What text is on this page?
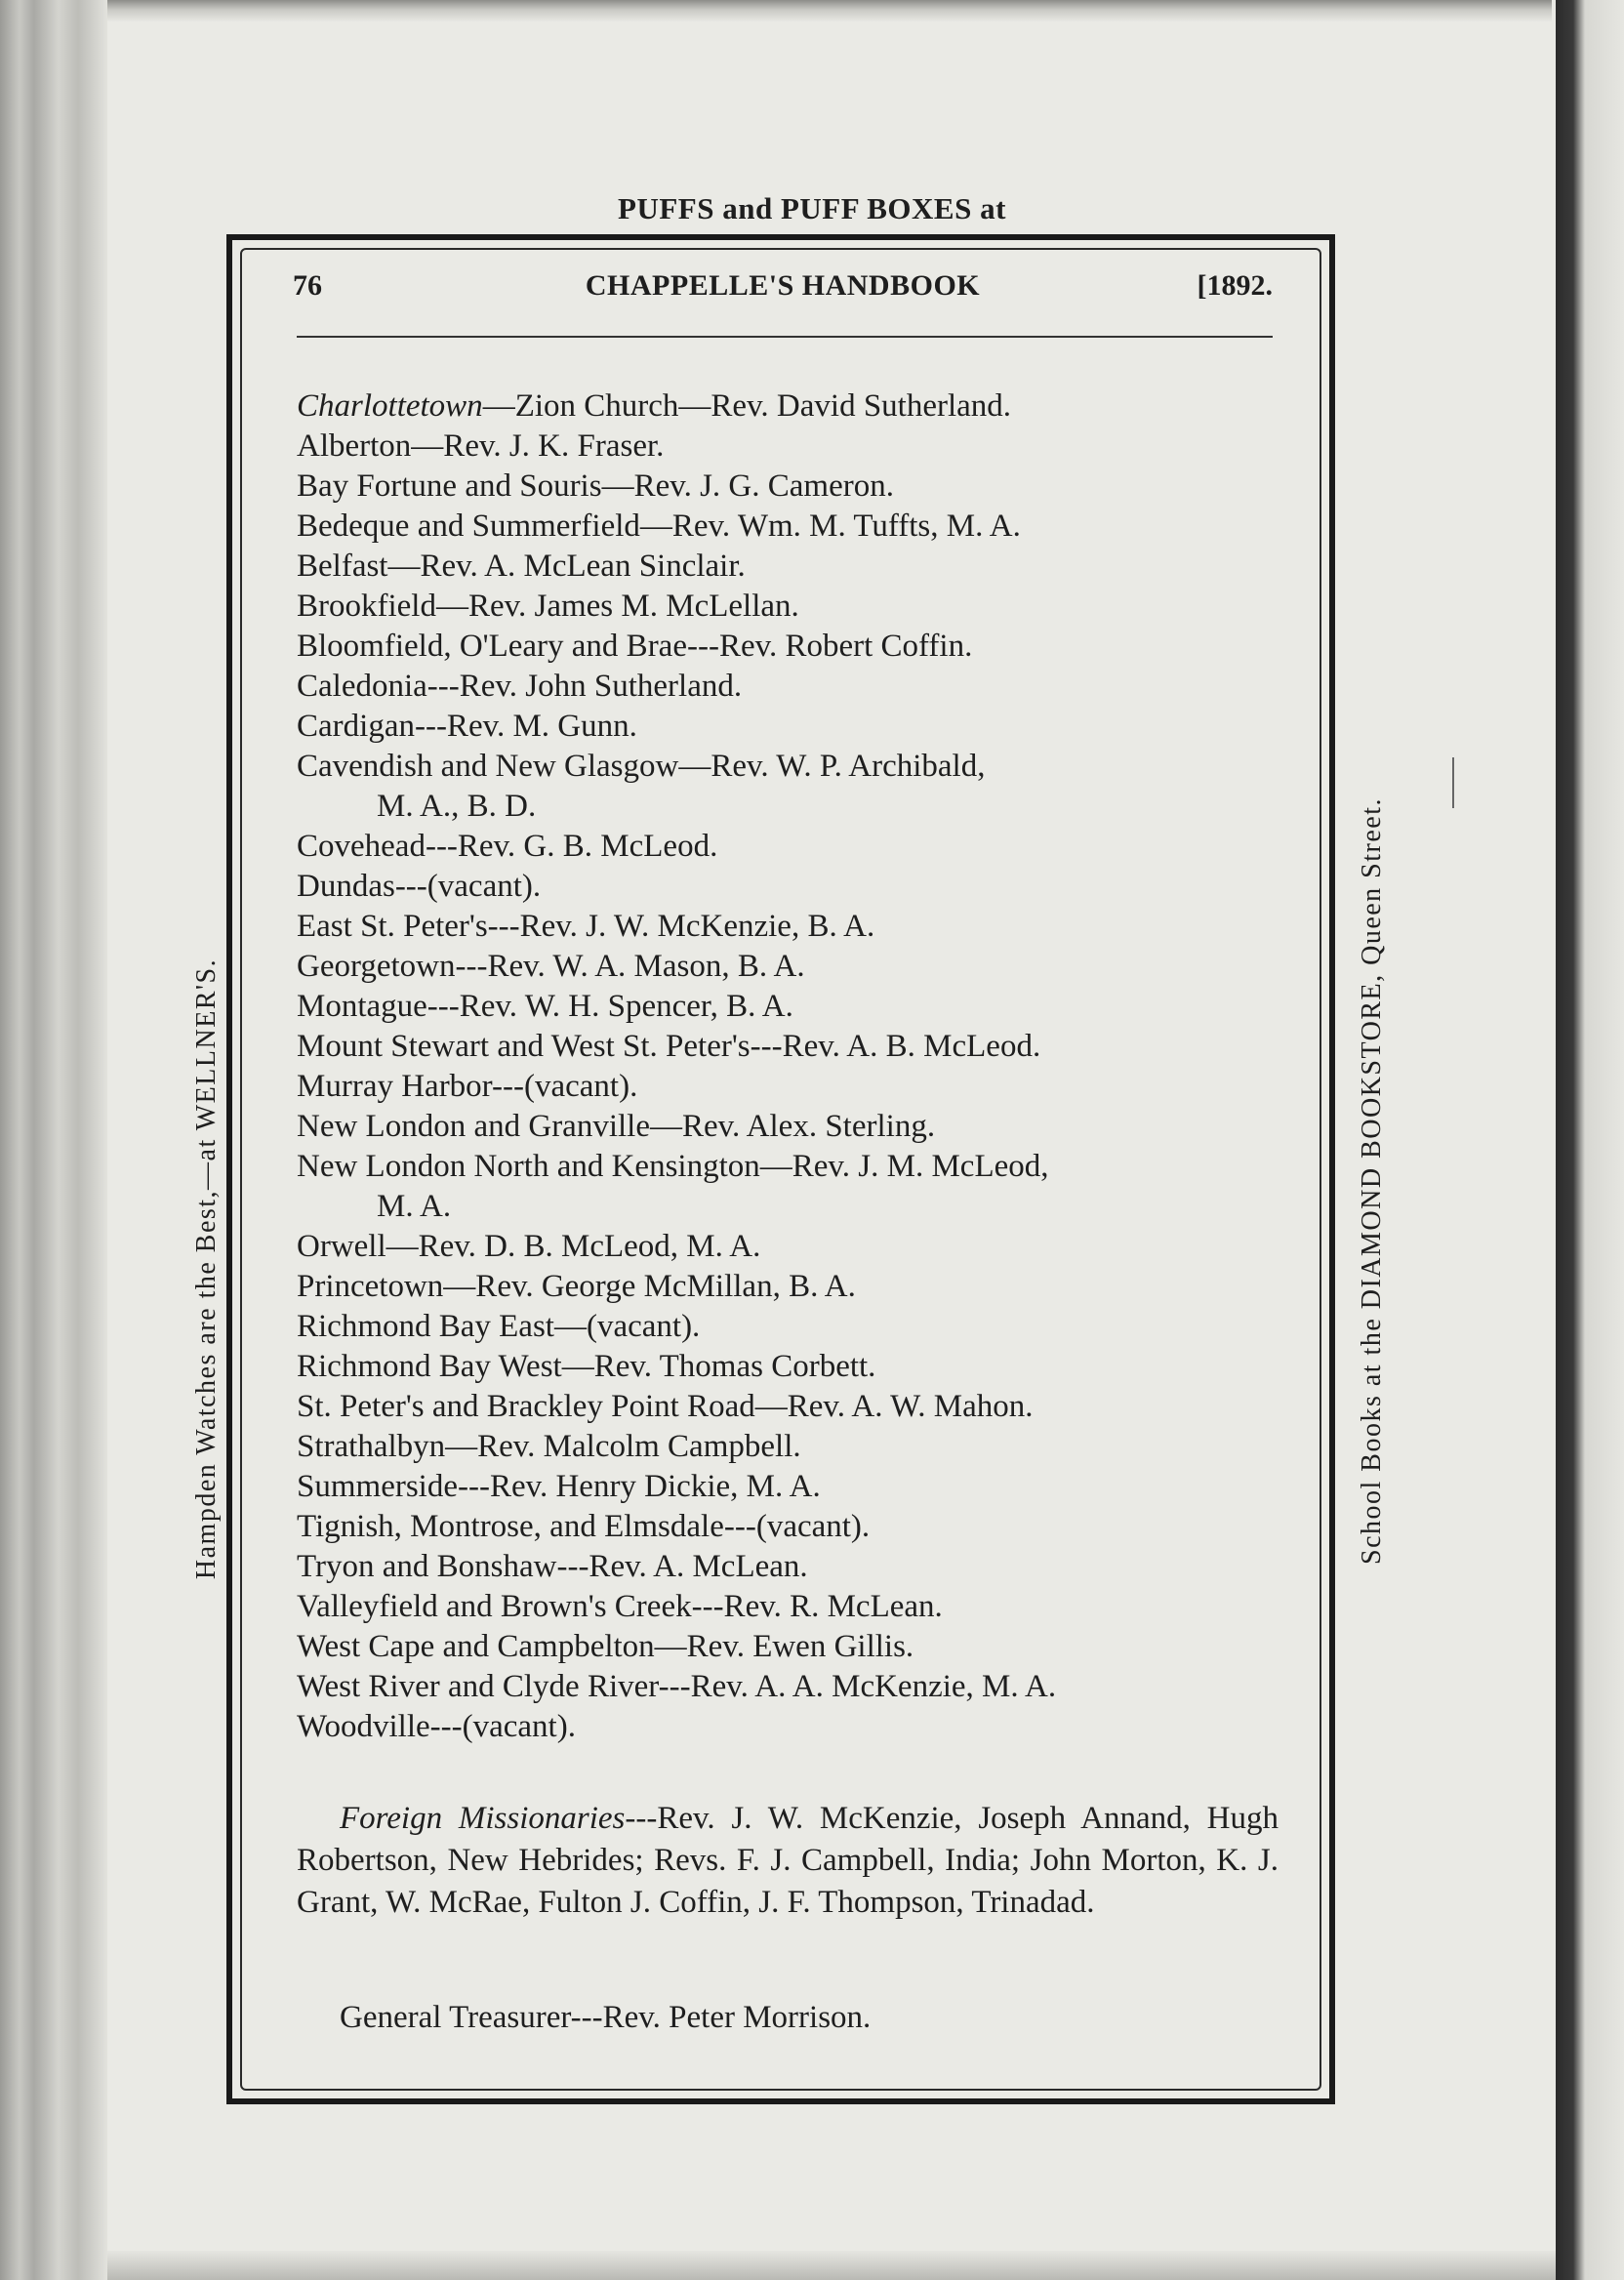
PUFFS and PUFF BOXES at
Hampden Watches are the Best,—at WELLNER'S.	School Books at the DIAMOND BOOKSTORE, Queen Street.
CHAPPELLE'S HANDBOOK
76	[1892.
Charlottetown—Zion Church—Rev. David Sutherland.
Alberton—Rev. J. K. Fraser.
Bay Fortune and Souris—Rev. J. G. Cameron.
Bedeque and Summerfield—Rev. Wm. M. Tuffts, M. A.
Belfast—Rev. A. McLean Sinclair.
Brookfield—Rev. James M. McLellan.
Bloomfield, O'Leary and Brae---Rev. Robert Coffin.
Caledonia---Rev. John Sutherland.
Cardigan---Rev. M. Gunn.
Cavendish and New Glasgow—Rev. W. P. Archibald,
M. A., B. D.
Covehead---Rev. G. B. McLeod.
Dundas---(vacant).
East St. Peter's---Rev. J. W. McKenzie, B. A.
Georgetown---Rev. W. A. Mason, B. A.
Montague---Rev. W. H. Spencer, B. A.
Mount Stewart and West St. Peter's---Rev. A. B. McLeod.
Murray Harbor---(vacant).
New London and Granville—Rev. Alex. Sterling.
New London North and Kensington—Rev. J. M. McLeod,
M. A.
Orwell—Rev. D. B. McLeod, M. A.
Princetown—Rev. George McMillan, B. A.
Richmond Bay East—(vacant).
Richmond Bay West—Rev. Thomas Corbett.
St. Peter's and Brackley Point Road—Rev. A. W. Mahon.
Strathalbyn—Rev. Malcolm Campbell.
Summerside---Rev. Henry Dickie, M. A.
Tignish, Montrose, and Elmsdale---(vacant).
Tryon and Bonshaw---Rev. A. McLean.
Valleyfield and Brown's Creek---Rev. R. McLean.
West Cape and Campbelton—Rev. Ewen Gillis.
West River and Clyde River---Rev. A. A. McKenzie, M. A.
Woodville---(vacant).
Foreign Missionaries---Rev. J. W. McKenzie, Joseph Annand, Hugh Robertson, New Hebrides; Revs. F. J. Campbell, India; John Morton, K. J. Grant, W. McRae, Fulton J. Coffin, J. F. Thompson, Trinadad.
General Treasurer---Rev. Peter Morrison.
